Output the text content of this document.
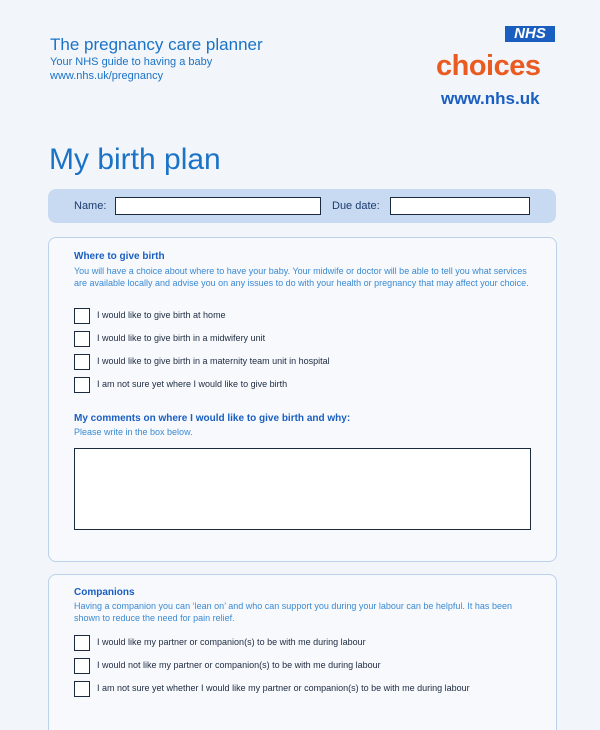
The pregnancy care planner
Your NHS guide to having a baby
www.nhs.uk/pregnancy
NHS
choices
www.nhs.uk
My birth plan
Name:	Due date:
Where to give birth
You will have a choice about where to have your baby. Your midwife or doctor will be able to tell you what services are available locally and advise you on any issues to do with your health or pregnancy that may affect your choice.
I would like to give birth at home
I would like to give birth in a midwifery unit
I would like to give birth in a maternity team unit in hospital
I am not sure yet where I would like to give birth
My comments on where I would like to give birth and why:
Please write in the box below.
Companions
Having a companion you can ‘lean on’ and who can support you during your labour can be helpful. It has been shown to reduce the need for pain relief.
I would like my partner or companion(s) to be with me during labour
I would not like my partner or companion(s) to be with me during labour
I am not sure yet whether I would like my partner or companion(s) to be with me during labour
